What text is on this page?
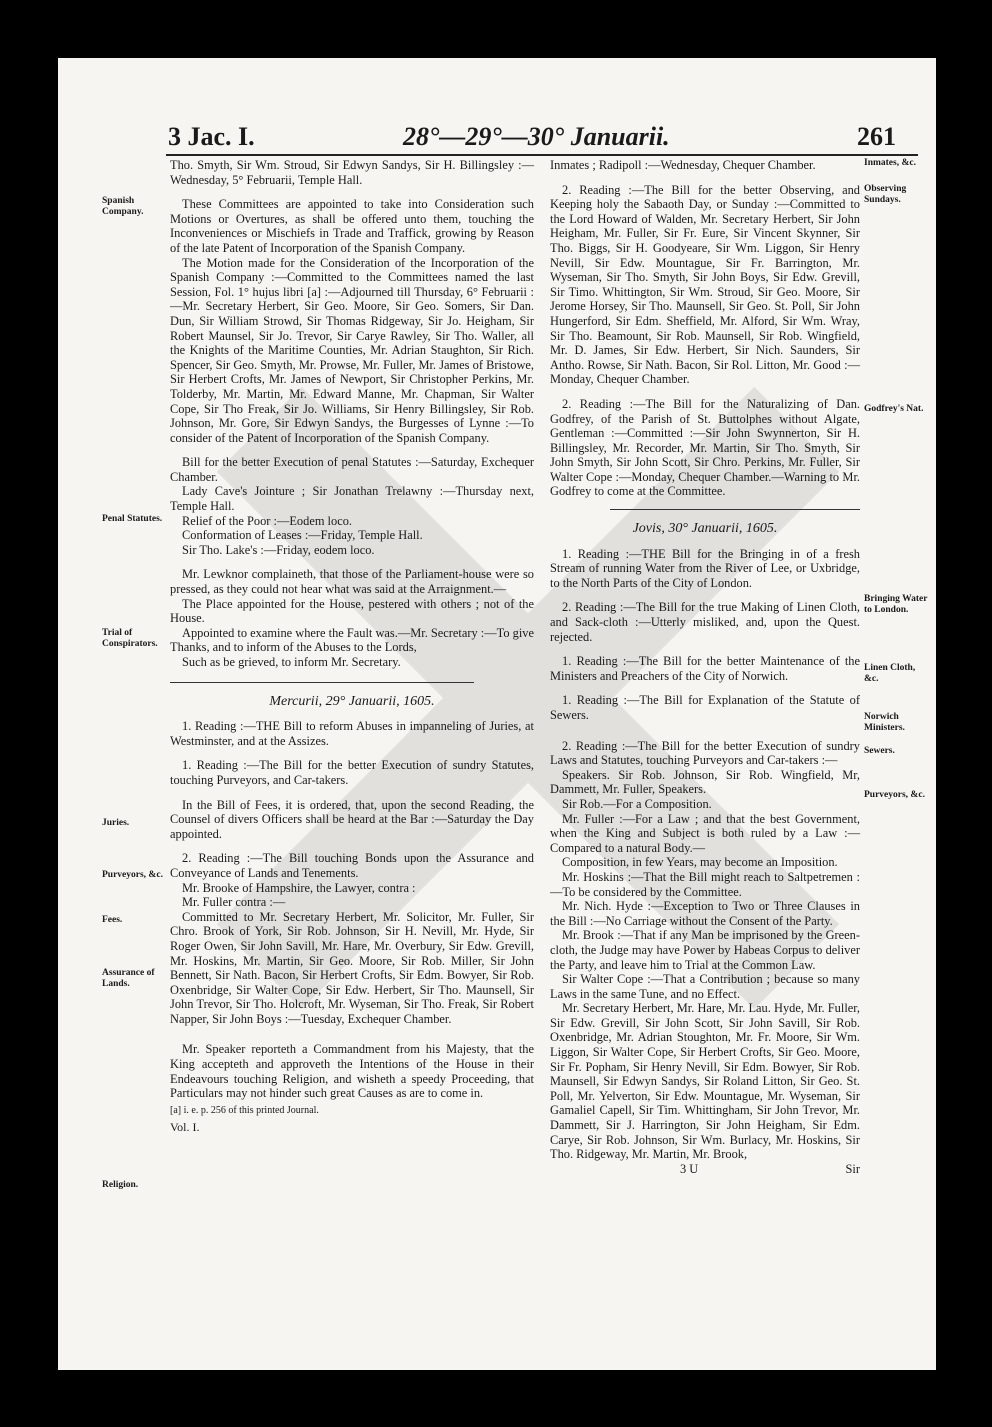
3 Jac. I.	28°—29°—30° Januarii.	261

Tho. Smyth, Sir Wm. Stroud, Sir Edwyn Sandys, Sir H. Billingsley :—Wednesday, 5° Februarii, Temple Hall.

These Committees are appointed to take into Consideration such Motions or Overtures, as shall be offered unto them, touching the Inconveniences or Mischiefs in Trade and Traffick, growing by Reason of the late Patent of Incorporation of the Spanish Company.

The Motion made for the Consideration of the Incorporation of the Spanish Company :—Committed to the Committees named the last Session, Fol. 1° hujus libri [a] :—Adjourned till Thursday, 6° Februarii :—Mr. Secretary Herbert, Sir Geo. Moore, Sir Geo. Somers, Sir Dan. Dun, Sir William Strowd, Sir Thomas Ridgeway, Sir Jo. Heigham, Sir Robert Maunsel, Sir Jo. Trevor, Sir Carye Rawley, Sir Tho. Waller, all the Knights of the Maritime Counties, Mr. Adrian Staughton, Sir Rich. Spencer, Sir Geo. Smyth, Mr. Prowse, Mr. Fuller, Mr. James of Bristowe, Sir Herbert Crofts, Mr. James of Newport, Sir Christopher Perkins, Mr. Tolderby, Mr. Martin, Mr. Edward Manne, Mr. Chapman, Sir Walter Cope, Sir Tho Freak, Sir Jo. Williams, Sir Henry Billingsley, Sir Rob. Johnson, Mr. Gore, Sir Edwyn Sandys, the Burgesses of Lynne :—To consider of the Patent of Incorporation of the Spanish Company.

Bill for the better Execution of penal Statutes :—Saturday, Exchequer Chamber.

Lady Cave's Jointure ; Sir Jonathan Trelawny :—Thursday next, Temple Hall.

Relief of the Poor :—Eodem loco.

Conformation of Leases :—Friday, Temple Hall.

Sir Tho. Lake's :—Friday, eodem loco.

Mr. Lewknor complaineth, that those of the Parliament-house were so pressed, as they could not hear what was said at the Arraignment.—

The Place appointed for the House, pestered with others ; not of the House.

Appointed to examine where the Fault was.—Mr. Secretary :—To give Thanks, and to inform of the Abuses to the Lords,

Such as be grieved, to inform Mr. Secretary.

Mercurii, 29° Januarii, 1605.

1. Reading :—THE Bill to reform Abuses in impanneling of Juries, at Westminster, and at the Assizes.

1. Reading :—The Bill for the better Execution of sundry Statutes, touching Purveyors, and Car-takers.

In the Bill of Fees, it is ordered, that, upon the second Reading, the Counsel of divers Officers shall be heard at the Bar :—Saturday the Day appointed.

2. Reading :—The Bill touching Bonds upon the Assurance and Conveyance of Lands and Tenements.

Mr. Brooke of Hampshire, the Lawyer, contra :

Mr. Fuller contra :—

Committed to Mr. Secretary Herbert, Mr. Solicitor, Mr. Fuller, Sir Chro. Brook of York, Sir Rob. Johnson, Sir H. Nevill, Mr. Hyde, Sir Roger Owen, Sir John Savill, Mr. Hare, Mr. Overbury, Sir Edw. Grevill, Mr. Hoskins, Mr. Martin, Sir Geo. Moore, Sir Rob. Miller, Sir John Bennett, Sir Nath. Bacon, Sir Herbert Crofts, Sir Edm. Bowyer, Sir Rob. Oxenbridge, Sir Walter Cope, Sir Edw. Herbert, Sir Tho. Maunsell, Sir John Trevor, Sir Tho. Holcroft, Mr. Wyseman, Sir Tho. Freak, Sir Robert Napper, Sir John Boys :—Tuesday, Exchequer Chamber.

Mr. Speaker reporteth a Commandment from his Majesty, that the King accepteth and approveth the Intentions of the House in their Endeavours touching Religion, and wisheth a speedy Proceeding, that Particulars may not hinder such great Causes as are to come in.

[a] i. e. p. 256 of this printed Journal.

Vol. I.

Inmates ; Radipoll :—Wednesday, Chequer Chamber.

2. Reading :—The Bill for the better Observing, and Keeping holy the Sabaoth Day, or Sunday :—Committed to the Lord Howard of Walden, Mr. Secretary Herbert, Sir John Heigham, Mr. Fuller, Sir Fr. Eure, Sir Vincent Skynner, Sir Tho. Biggs, Sir H. Goodyeare, Sir Wm. Liggon, Sir Henry Nevill, Sir Edw. Mountague, Sir Fr. Barrington, Mr. Wyseman, Sir Tho. Smyth, Sir John Boys, Sir Edw. Grevill, Sir Timo. Whittington, Sir Wm. Stroud, Sir Geo. Moore, Sir Jerome Horsey, Sir Tho. Maunsell, Sir Geo. St. Poll, Sir John Hungerford, Sir Edm. Sheffield, Mr. Alford, Sir Wm. Wray, Sir Tho. Beamount, Sir Rob. Maunsell, Sir Rob. Wingfield, Mr. D. James, Sir Edw. Herbert, Sir Nich. Saunders, Sir Antho. Rowse, Sir Nath. Bacon, Sir Rol. Litton, Mr. Good :—Monday, Chequer Chamber.

2. Reading :—The Bill for the Naturalizing of Dan. Godfrey, of the Parish of St. Buttolphes without Algate, Gentleman :—Committed :—Sir John Swynnerton, Sir H. Billingsley, Mr. Recorder, Mr. Martin, Sir Tho. Smyth, Sir John Smyth, Sir John Scott, Sir Chro. Perkins, Mr. Fuller, Sir Walter Cope :—Monday, Chequer Chamber.—Warning to Mr. Godfrey to come at the Committee.

Jovis, 30° Januarii, 1605.

1. Reading :—THE Bill for the Bringing in of a fresh Stream of running Water from the River of Lee, or Uxbridge, to the North Parts of the City of London.

2. Reading :—The Bill for the true Making of Linen Cloth, and Sack-cloth :—Utterly misliked, and, upon the Quest. rejected.

1. Reading :—The Bill for the better Maintenance of the Ministers and Preachers of the City of Norwich.

1. Reading :—The Bill for Explanation of the Statute of Sewers.

2. Reading :—The Bill for the better Execution of sundry Laws and Statutes, touching Purveyors and Car-takers :—

Speakers. Sir Rob. Johnson, Sir Rob. Wingfield, Mr, Dammett, Mr. Fuller, Speakers.

Sir Rob.—For a Composition.

Mr. Fuller :—For a Law ; and that the best Government, when the King and Subject is both ruled by a Law :—Compared to a natural Body.—

Composition, in few Years, may become an Imposition.

Mr. Hoskins :—That the Bill might reach to Saltpetremen :—To be considered by the Committee.

Mr. Nich. Hyde :—Exception to Two or Three Clauses in the Bill :—No Carriage without the Consent of the Party.

Mr. Brook :—That if any Man be imprisoned by the Green-cloth, the Judge may have Power by Habeas Corpus to deliver the Party, and leave him to Trial at the Common Law.

Sir Walter Cope :—That a Contribution ; because so many Laws in the same Tune, and no Effect.

Mr. Secretary Herbert, Mr. Hare, Mr. Lau. Hyde, Mr. Fuller, Sir Edw. Grevill, Sir John Scott, Sir John Savill, Sir Rob. Oxenbridge, Mr. Adrian Stoughton, Mr. Fr. Moore, Sir Wm. Liggon, Sir Walter Cope, Sir Herbert Crofts, Sir Geo. Moore, Sir Fr. Popham, Sir Henry Nevill, Sir Edm. Bowyer, Sir Rob. Maunsell, Sir Edwyn Sandys, Sir Roland Litton, Sir Geo. St. Poll, Mr. Yelverton, Sir Edw. Mountague, Mr. Wyseman, Sir Gamaliel Capell, Sir Tim. Whittingham, Sir John Trevor, Mr. Dammett, Sir J. Harrington, Sir John Heigham, Sir Edm. Carye, Sir Rob. Johnson, Sir Wm. Burlacy, Mr. Hoskins, Sir Tho. Ridgeway, Mr. Martin, Mr. Brook,

3 U	Sir
Spanish Company.
Penal Statutes.
Trial of Conspirators.
Juries.
Purveyors, &c.
Fees.
Assurance of Lands.
Religion.
Inmates, &c.
Observing Sundays.
Godfrey's Nat.
Bringing Water to London.
Linen Cloth, &c.
Norwich Ministers.
Sewers.
Purveyors, &c.
